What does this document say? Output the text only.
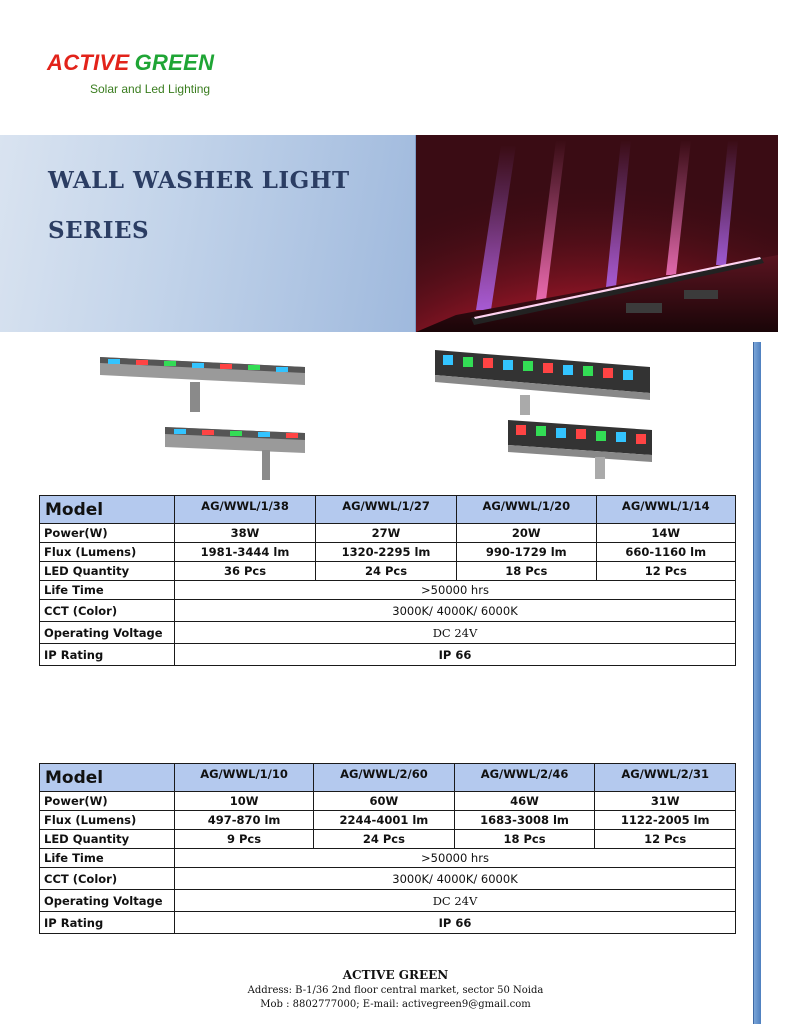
ACTIVE GREEN
Solar and Led Lighting
WALL WASHER LIGHT
SERIES
Model	AG/WWL/1/38	AG/WWL/1/27	AG/WWL/1/20	AG/WWL/1/14
Power(W)	38W	27W	20W	14W
Flux (Lumens)	1981-3444 lm	1320-2295 lm	990-1729 lm	660-1160 lm
LED Quantity	36 Pcs	24 Pcs	18 Pcs	12 Pcs
Life Time	>50000 hrs			
CCT (Color)	3000K/ 4000K/ 6000K			
Operating Voltage	DC 24V			
IP Rating	IP 66			
Model	AG/WWL/1/10	AG/WWL/2/60	AG/WWL/2/46	AG/WWL/2/31
Power(W)	10W	60W	46W	31W
Flux (Lumens)	497-870 lm	2244-4001 lm	1683-3008 lm	1122-2005 lm
LED Quantity	9 Pcs	24 Pcs	18 Pcs	12 Pcs
Life Time	>50000 hrs			
CCT (Color)	3000K/ 4000K/ 6000K			
Operating Voltage	DC 24V			
IP Rating	IP 66			
ACTIVE GREEN
Address: B-1/36 2nd floor central market, sector 50 Noida
Mob : 8802777000; E-mail: activegreen9@gmail.com
